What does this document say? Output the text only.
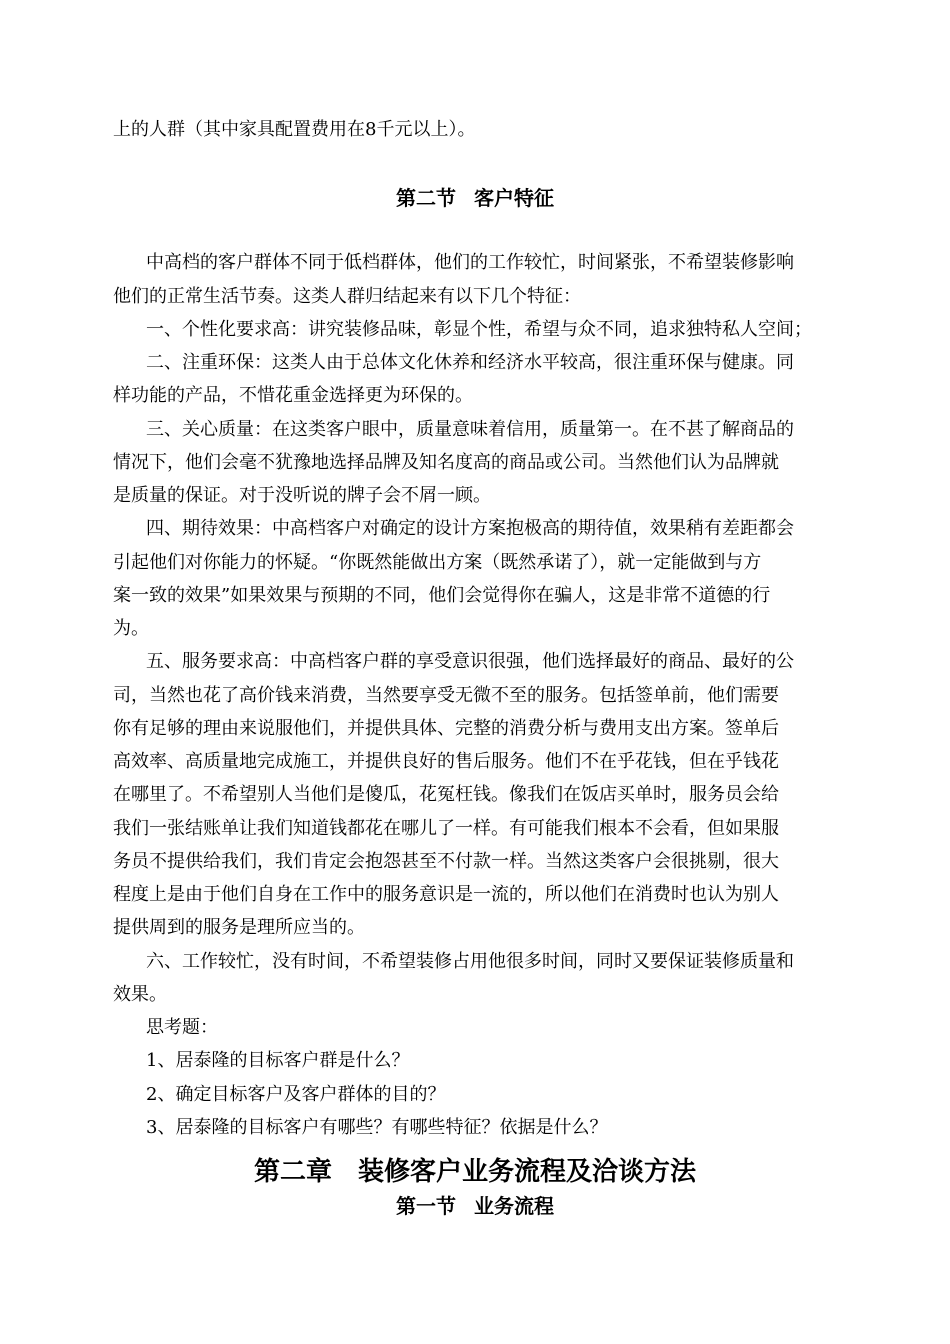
上的人群（其中家具配置费用在8千元以上）。
第二节 客户特征
中高档的客户群体不同于低档群体，他们的工作较忙，时间紧张，不希望装修影响
他们的正常生活节奏。这类人群归结起来有以下几个特征：
一、个性化要求高：讲究装修品味，彰显个性，希望与众不同，追求独特私人空间；
二、注重环保：这类人由于总体文化休养和经济水平较高，很注重环保与健康。同
样功能的产品，不惜花重金选择更为环保的。
三、关心质量：在这类客户眼中，质量意味着信用，质量第一。在不甚了解商品的
情况下，他们会毫不犹豫地选择品牌及知名度高的商品或公司。当然他们认为品牌就
是质量的保证。对于没听说的牌子会不屑一顾。
四、期待效果：中高档客户对确定的设计方案抱极高的期待值，效果稍有差距都会
引起他们对你能力的怀疑。“你既然能做出方案（既然承诺了），就一定能做到与方
案一致的效果”如果效果与预期的不同，他们会觉得你在骗人，这是非常不道德的行
为。
五、服务要求高：中高档客户群的享受意识很强，他们选择最好的商品、最好的公
司，当然也花了高价钱来消费，当然要享受无微不至的服务。包括签单前，他们需要
你有足够的理由来说服他们，并提供具体、完整的消费分析与费用支出方案。签单后
高效率、高质量地完成施工，并提供良好的售后服务。他们不在乎花钱，但在乎钱花
在哪里了。不希望别人当他们是傻瓜，花冤枉钱。像我们在饭店买单时，服务员会给
我们一张结账单让我们知道钱都花在哪儿了一样。有可能我们根本不会看，但如果服
务员不提供给我们，我们肯定会抱怨甚至不付款一样。当然这类客户会很挑剔，很大
程度上是由于他们自身在工作中的服务意识是一流的，所以他们在消费时也认为别人
提供周到的服务是理所应当的。
六、工作较忙，没有时间，不希望装修占用他很多时间，同时又要保证装修质量和
效果。
思考题：
1、居泰隆的目标客户群是什么？
2、确定目标客户及客户群体的目的？
3、居泰隆的目标客户有哪些？有哪些特征？依据是什么？
第二章 装修客户业务流程及洽谈方法
第一节 业务流程
